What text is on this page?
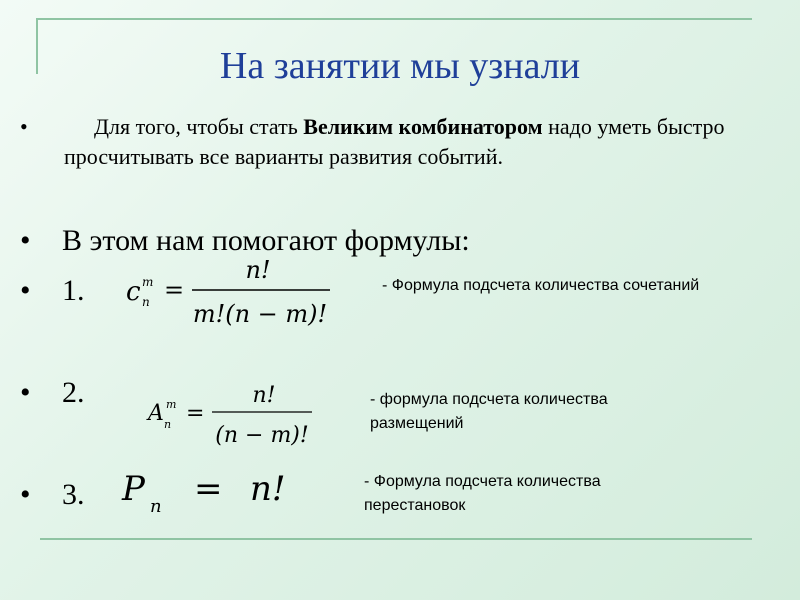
На занятии мы узнали
•	Для того, чтобы стать Великим комбинатором надо уметь быстро просчитывать все варианты развития событий.
• В этом нам помогают формулы:
• 1.
• 2.
• 3.
c m
n =
n!
m!(n − m)!
A m
n =
n!
(n − m)!
P n = n!
- Формула подсчета количества сочетаний
- формула подсчета количества размещений
- Формула подсчета количества перестановок
